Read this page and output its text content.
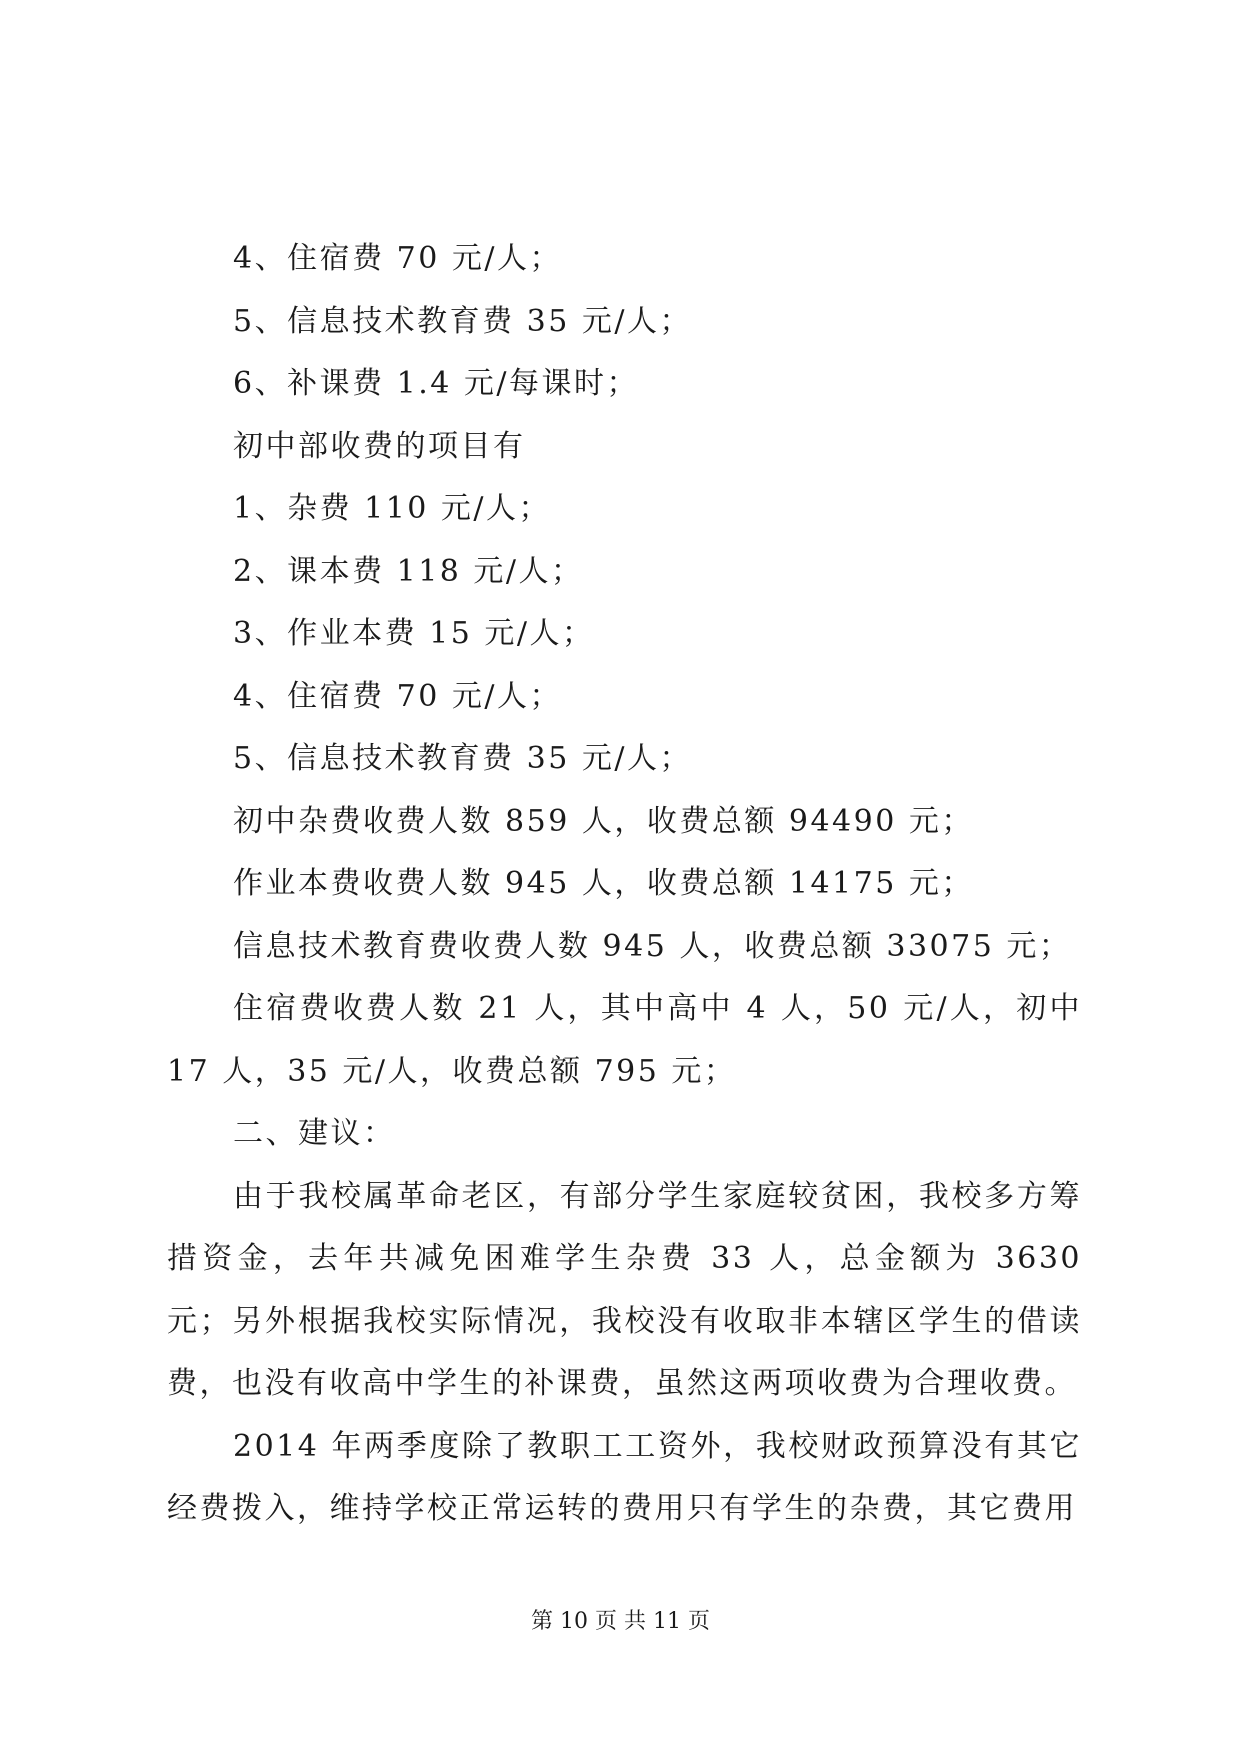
4、住宿费 70 元/人；
5、信息技术教育费 35 元/人；
6、补课费 1.4 元/每课时；
初中部收费的项目有
1、杂费 110 元/人；
2、课本费 118 元/人；
3、作业本费 15 元/人；
4、住宿费 70 元/人；
5、信息技术教育费 35 元/人；
初中杂费收费人数 859 人，收费总额 94490 元；
作业本费收费人数 945 人，收费总额 14175 元；
信息技术教育费收费人数 945 人，收费总额 33075 元；

住宿费收费人数 21 人，其中高中 4 人，50 元/人，初中 17 人，35 元/人，收费总额 795 元；

二、建议：

由于我校属革命老区，有部分学生家庭较贫困，我校多方筹措资金，去年共减免困难学生杂费 33 人，总金额为 3630 元；另外根据我校实际情况，我校没有收取非本辖区学生的借读费，也没有收高中学生的补课费，虽然这两项收费为合理收费。

2014 年两季度除了教职工工资外，我校财政预算没有其它经费拨入，维持学校正常运转的费用只有学生的杂费，其它费用

第 10 页 共 11 页
